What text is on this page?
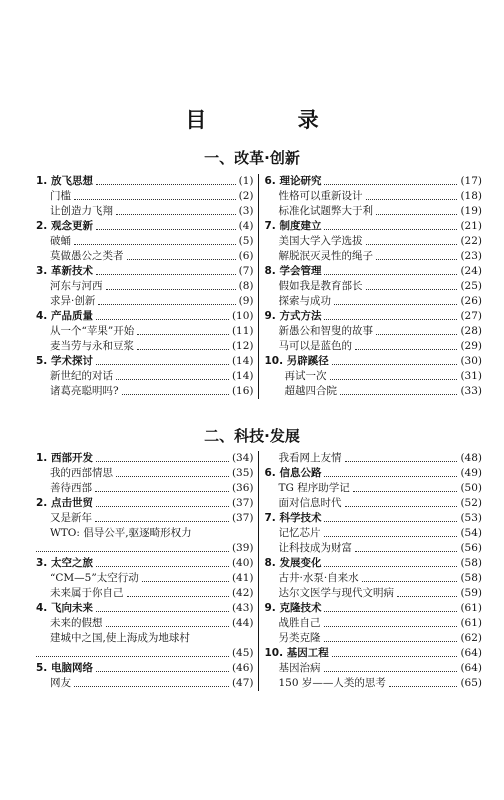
目 录
一、改革·创新
1. 放飞思想	(1)
门槛	(2)
让创造力飞翔	(3)
2. 观念更新	(4)
破蛹	(5)
莫做愚公之类者	(6)
3. 革新技术	(7)
河东与河西	(8)
求异·创新	(9)
4. 产品质量	(10)
从一个“苹果”开始	(11)
麦当劳与永和豆浆	(12)
5. 学术探讨	(14)
新世纪的对话	(14)
诸葛亮聪明吗?	(16)
6. 理论研究	(17)
性格可以重新设计	(18)
标准化试题弊大于利	(19)
7. 制度建立	(21)
美国大学入学选拔	(22)
解脱泯灭灵性的绳子	(23)
8. 学会管理	(24)
假如我是教育部长	(25)
探索与成功	(26)
9. 方式方法	(27)
新愚公和智叟的故事	(28)
马可以是蓝色的	(29)
10. 另辟蹊径	(30)
再试一次	(31)
超越四合院	(33)
二、科技·发展
1. 西部开发	(34)
我的西部情思	(35)
善待西部	(36)
2. 点击世贸	(37)
又是新年	(37)
WTO: 倡导公平,驱逐畸形权力
(39)
3. 太空之旅	(40)
“CM—5”太空行动	(41)
未来属于你自己	(42)
4. 飞向未来	(43)
未来的假想	(44)
建城中之国,使上海成为地球村
(45)
5. 电脑网络	(46)
网友	(47)
我看网上友情	(48)
6. 信息公路	(49)
TG 程序助学记	(50)
面对信息时代	(52)
7. 科学技术	(53)
记忆芯片	(54)
让科技成为财富	(56)
8. 发展变化	(58)
古井·水泵·自来水	(58)
达尔文医学与现代文明病	(59)
9. 克隆技术	(61)
战胜自己	(61)
另类克隆	(62)
10. 基因工程	(64)
基因治病	(64)
150 岁——人类的思考	(65)
